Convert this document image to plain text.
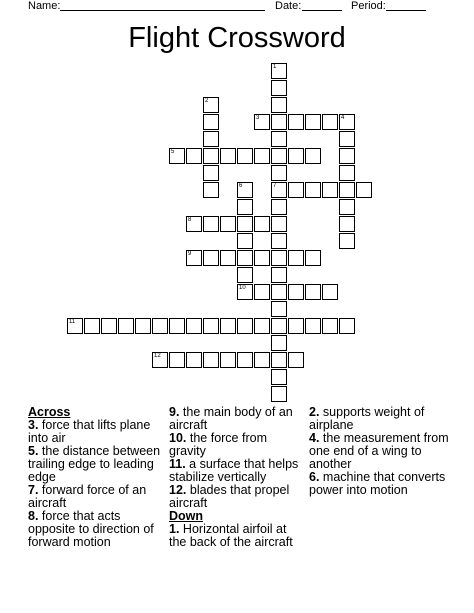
Name:	Date:	Period:
Flight Crossword
3
5
7
8
9
10
11
12
1
2
4
6

Across

3. force that lifts plane into air

5. the distance between trailing edge to leading edge

7. forward force of an aircraft

8. force that acts opposite to direction of forward motion

9. the main body of an aircraft

10. the force from gravity

11. a surface that helps stabilize vertically

12. blades that propel aircraft

Down

1. Horizontal airfoil at the back of the aircraft

2. supports weight of airplane

4. the measurement from one end of a wing to another

6. machine that converts power into motion
